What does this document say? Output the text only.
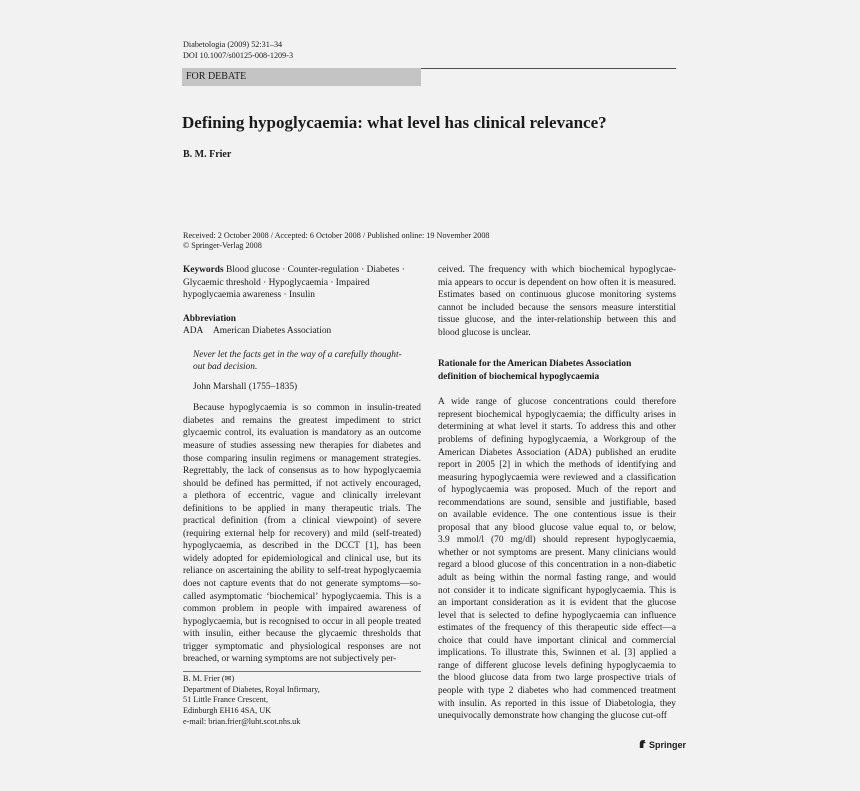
Diabetologia (2009) 52:31–34
DOI 10.1007/s00125-008-1209-3
FOR DEBATE
Defining hypoglycaemia: what level has clinical relevance?
B. M. Frier
Received: 2 October 2008 / Accepted: 6 October 2008 / Published online: 19 November 2008
© Springer-Verlag 2008
Keywords Blood glucose · Counter-regulation · Diabetes ·
Glycaemic threshold · Hypoglycaemia · Impaired
hypoglycaemia awareness · Insulin
Abbreviation
ADA American Diabetes Association
Never let the facts get in the way of a carefully thought-
out bad decision.
John Marshall (1755–1835)
Because hypoglycaemia is so common in insulin-treated
diabetes and remains the greatest impediment to strict
glycaemic control, its evaluation is mandatory as an outcome
measure of studies assessing new therapies for diabetes and
those comparing insulin regimens or management strategies.
Regrettably, the lack of consensus as to how hypoglycaemia
should be defined has permitted, if not actively encouraged,
a plethora of eccentric, vague and clinically irrelevant
definitions to be applied in many therapeutic trials. The
practical definition (from a clinical viewpoint) of severe
(requiring external help for recovery) and mild (self-treated)
hypoglycaemia, as described in the DCCT [1], has been
widely adopted for epidemiological and clinical use, but its
reliance on ascertaining the ability to self-treat hypoglycaemia
does not capture events that do not generate symptoms—so-
called asymptomatic ‘biochemical’ hypoglycaemia. This is a
common problem in people with impaired awareness of
hypoglycaemia, but is recognised to occur in all people treated
with insulin, either because the glycaemic thresholds that
trigger symptomatic and physiological responses are not
breached, or warning symptoms are not subjectively per-
B. M. Frier (✉)
Department of Diabetes, Royal Infirmary,
51 Little France Crescent,
Edinburgh EH16 4SA, UK
e-mail: brian.frier@luht.scot.nhs.uk
ceived. The frequency with which biochemical hypoglycae-
mia appears to occur is dependent on how often it is measured.
Estimates based on continuous glucose monitoring systems
cannot be included because the sensors measure interstitial
tissue glucose, and the inter-relationship between this and
blood glucose is unclear.
Rationale for the American Diabetes Association
definition of biochemical hypoglycaemia
A wide range of glucose concentrations could therefore
represent biochemical hypoglycaemia; the difficulty arises in
determining at what level it starts. To address this and other
problems of defining hypoglycaemia, a Workgroup of the
American Diabetes Association (ADA) published an erudite
report in 2005 [2] in which the methods of identifying and
measuring hypoglycaemia were reviewed and a classification
of hypoglycaemia was proposed. Much of the report and
recommendations are sound, sensible and justifiable, based
on available evidence. The one contentious issue is their
proposal that any blood glucose value equal to, or below,
3.9 mmol/l (70 mg/dl) should represent hypoglycaemia,
whether or not symptoms are present. Many clinicians would
regard a blood glucose of this concentration in a non-diabetic
adult as being within the normal fasting range, and would
not consider it to indicate significant hypoglycaemia. This is
an important consideration as it is evident that the glucose
level that is selected to define hypoglycaemia can influence
estimates of the frequency of this therapeutic side effect—a
choice that could have important clinical and commercial
implications. To illustrate this, Swinnen et al. [3] applied a
range of different glucose levels defining hypoglycaemia to
the blood glucose data from two large prospective trials of
people with type 2 diabetes who had commenced treatment
with insulin. As reported in this issue of Diabetologia, they
unequivocally demonstrate how changing the glucose cut-off
Springer
